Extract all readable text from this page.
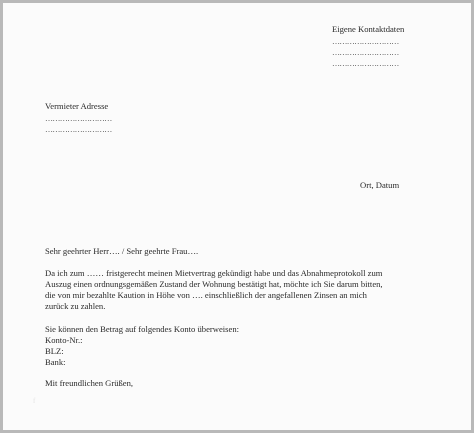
Eigene Kontaktdaten
………………………
………………………
………………………
Vermieter Adresse
………………………
………………………
Ort, Datum
Sehr geehrter Herr…. / Sehr geehrte Frau….
Da ich zum …… fristgerecht meinen Mietvertrag gekündigt habe und das Abnahmeprotokoll zum
Auszug einen ordnungsgemäßen Zustand der Wohnung bestätigt hat, möchte ich Sie darum bitten,
die von mir bezahlte Kaution in Höhe von …. einschließlich der angefallenen Zinsen an mich
zurück zu zahlen.
Sie können den Betrag auf folgendes Konto überweisen:
Konto-Nr.:
BLZ:
Bank:
Mit freundlichen Grüßen,
f
